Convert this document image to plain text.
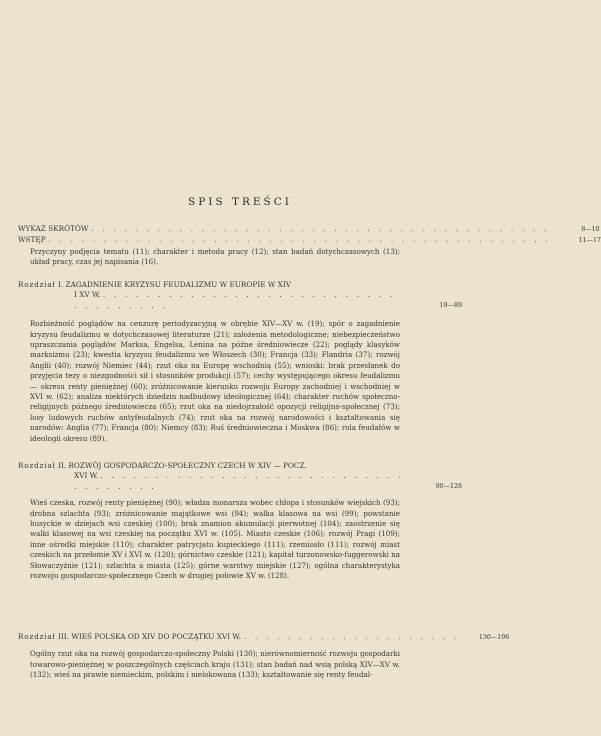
SPIS TREŚCI
WYKAZ SKRÓTÓW . . . . . . . . . . . . . . . . . . . . . . . . . . . . . . . . . . . . . . . . . .	8—10
WSTĘP . . . . . . . . . . . . . . . . . . . . . . . . . . . . . . . . . . . . . . . . . . . . . .	11—17
Przyczyny podjęcia tematu (11); charakter i metoda pracy (12); stan badań dotychczasowych (13); układ pracy, czas jej napisania (16).
Rozdział I. ZAGADNIENIE KRYZYSU FEUDALIZMU W EUROPIE W XIV
I XV W. . . . . . . . . . . . . . . . . . . . . . . . . . . . . . . . . . . . .	19—89
Rozbieżność poglądów na cenzurę periodyzacyjną w obrębie XIV—XV w. (19); spór o zagadnienie kryzysu feudalizmu w dotychczasowej literaturze (21); założenia metodologiczne; niebezpieczeństwo upraszczania poglądów Marksa, Engelsa, Lenina na późne średniowiecze (22); poglądy klasyków marksizmu (23); kwestia kryzysu feudalizmu we Włoszech (30); Francja (33); Flandria (37); rozwój Anglii (40); rozwój Niemiec (44); rzut oka na Europę wschodnią (55); wnioski: brak przesłanek do przyjęcia tezy o niezgodności sił i stosunków produkcji (57); cechy występującego okresu feudalizmu — okresu renty pieniężnej (60); zróżnicowanie kierunku rozwoju Europy zachodniej i wschodniej w XVI w. (62); analiza niektórych dziedzin nadbudowy ideologicznej (64); charakter ruchów społeczno-religijnych późnego średniowiecza (65); rzut oka na niedojrzałość opozycji religijno-społecznej (73); losy ludowych ruchów antyfeudalnych (74); rzut oka na rozwój narodowości i kształtowania się narodów: Anglia (77); Francja (80); Niemcy (83); Ruś średniowieczna i Moskwa (86); rola feudałów w ideologii okresu (89).
Rozdział II. ROZWÓJ GOSPODARCZO-SPOŁECZNY CZECH W XIV — POCZ.
XVI W. . . . . . . . . . . . . . . . . . . . . . . . . . . . . . . . . . . . .	90—128
Wieś czeska, rozwój renty pieniężnej (90); władza monarsza wobec chłopa i stosunków wiejskich (93); drobna szlachta (93); zróżnicowanie majątkowe wsi (94); walka klasowa na wsi (99); powstanie husyckie w dziejach wsi czeskiej (100); brak znamion akumulacji pierwotnej (104); zaostrzenie się walki klasowej na wsi czeskiej na początku XVI w. (105). Miasto czeskie (106); rozwój Pragi (109); inne ośrodki miejskie (110); charakter patrycjatu kupieckiego (111); rzemiosło (111); rozwój miast czeskich na przełomie XV i XVI w. (120); górnictwo czeskie (121); kapitał turzonowsko-fuggerowski na Słowaczyźnie (121); szlachta a miasta (125); górne warstwy miejskie (127); ogólna charakterystyka rozwoju gospodarczo-społecznego Czech w drugiej połowie XV w. (128).
Rozdział III. WIEŚ POLSKA OD XIV DO POCZĄTKU XVI W. . . . . . . . . . . . . . . . . . . . .	130—196
Ogólny rzut oka na rozwój gospodarczo-społeczny Polski (130); nierównomierność rozwoju gospodarki towarowo-pieniężnej w poszczególnych częściach kraju (131); stan badań nad wsią polską XIV—XV w. (132); wieś na prawie niemieckim, polskim i nielokowana (133); kształtowanie się renty feudal-
